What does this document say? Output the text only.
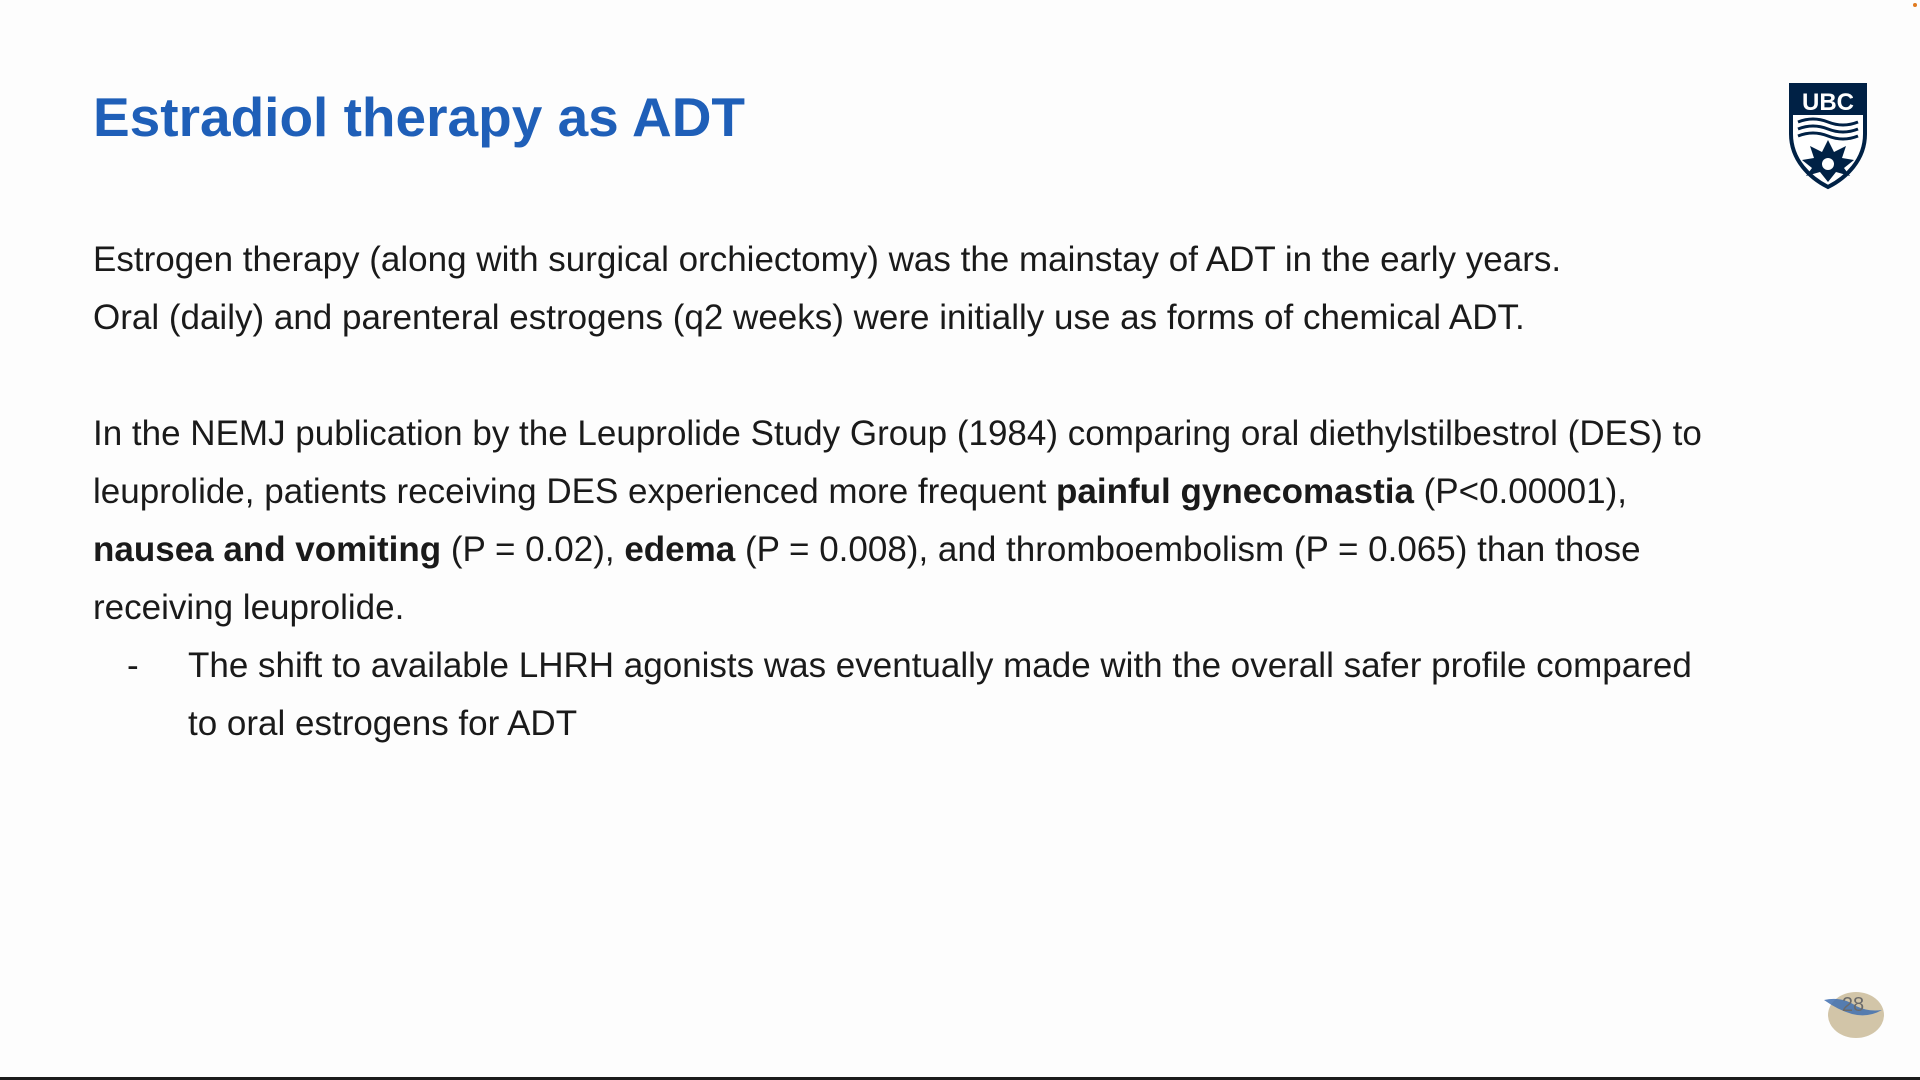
Estradiol therapy as ADT	UBC

Estrogen therapy (along with surgical orchiectomy) was the mainstay of ADT in the early years.
Oral (daily) and parenteral estrogens (q2 weeks) were initially use as forms of chemical ADT.

In the NEMJ publication by the Leuprolide Study Group (1984) comparing oral diethylstilbestrol (DES) to leuprolide, patients receiving DES experienced more frequent painful gynecomastia (P<0.00001), nausea and vomiting (P = 0.02), edema (P = 0.008), and thromboembolism (P = 0.065) than those receiving leuprolide.

- The shift to available LHRH agonists was eventually made with the overall safer profile compared to oral estrogens for ADT
28
